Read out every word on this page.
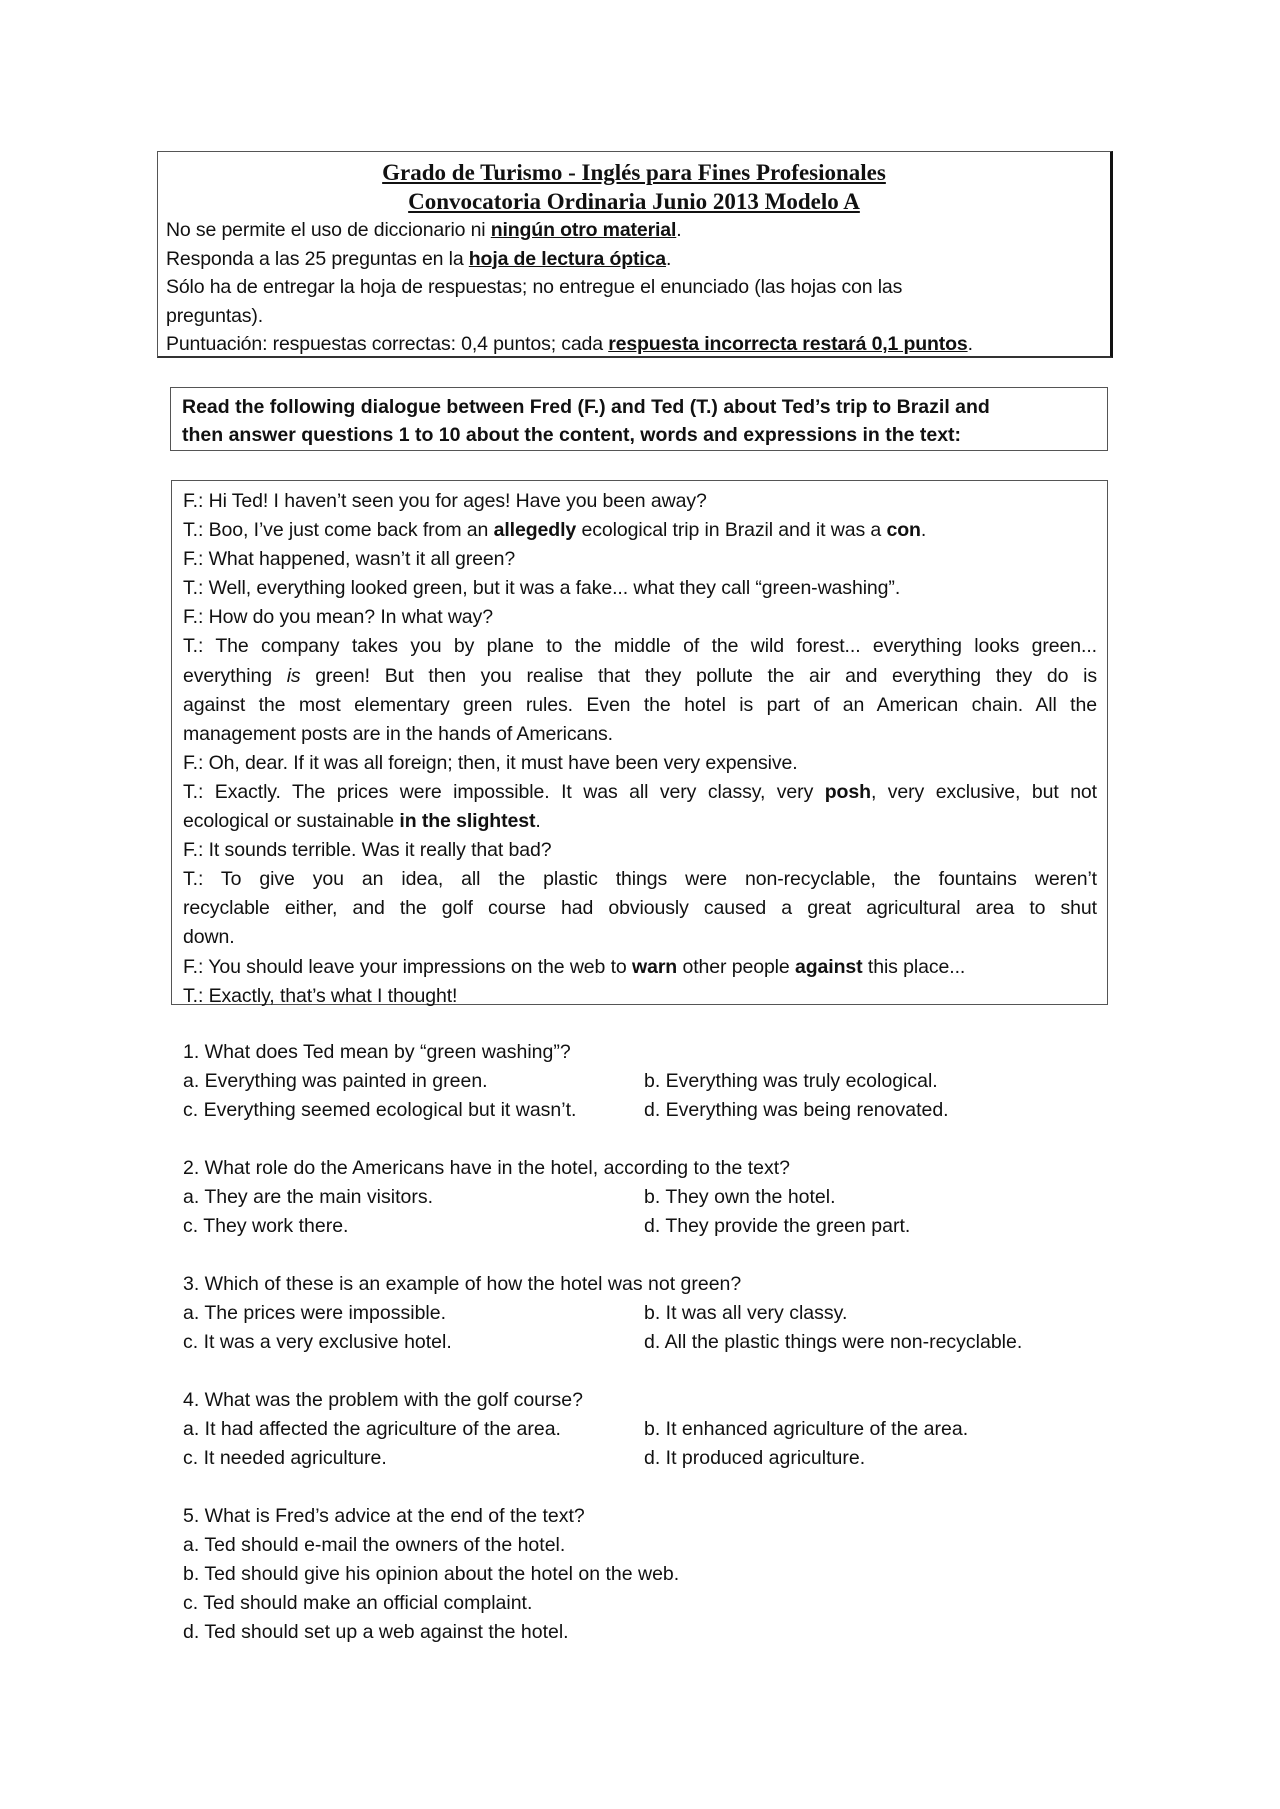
Grado de Turismo - Inglés para Fines Profesionales
Convocatoria Ordinaria Junio 2013 Modelo A
No se permite el uso de diccionario ni ningún otro material.
Responda a las 25 preguntas en la hoja de lectura óptica.
Sólo ha de entregar la hoja de respuestas; no entregue el enunciado (las hojas con las
preguntas).
Puntuación: respuestas correctas: 0,4 puntos; cada respuesta incorrecta restará 0,1 puntos.
Read the following dialogue between Fred (F.) and Ted (T.) about Ted’s trip to Brazil and
then answer questions 1 to 10 about the content, words and expressions in the text:
F.: Hi Ted! I haven’t seen you for ages! Have you been away?
T.: Boo, I’ve just come back from an allegedly ecological trip in Brazil and it was a con.
F.: What happened, wasn’t it all green?
T.: Well, everything looked green, but it was a fake... what they call “green-washing”.
F.: How do you mean? In what way?
T.: The company takes you by plane to the middle of the wild forest... everything looks green...
everything is green! But then you realise that they pollute the air and everything they do is
against the most elementary green rules. Even the hotel is part of an American chain. All the
management posts are in the hands of Americans.
F.: Oh, dear. If it was all foreign; then, it must have been very expensive.
T.: Exactly. The prices were impossible. It was all very classy, very posh, very exclusive, but not
ecological or sustainable in the slightest.
F.: It sounds terrible. Was it really that bad?
T.: To give you an idea, all the plastic things were non-recyclable, the fountains weren’t
recyclable either, and the golf course had obviously caused a great agricultural area to shut
down.
F.: You should leave your impressions on the web to warn other people against this place...
T.: Exactly, that’s what I thought!
1. What does Ted mean by “green washing”?
a. Everything was painted in green.	b. Everything was truly ecological.
c. Everything seemed ecological but it wasn’t.	d. Everything was being renovated.
2. What role do the Americans have in the hotel, according to the text?
a. They are the main visitors.	b. They own the hotel.
c. They work there.	d. They provide the green part.
3. Which of these is an example of how the hotel was not green?
a. The prices were impossible.	b. It was all very classy.
c. It was a very exclusive hotel.	d. All the plastic things were non-recyclable.
4. What was the problem with the golf course?
a. It had affected the agriculture of the area.	b. It enhanced agriculture of the area.
c. It needed agriculture.	d. It produced agriculture.
5. What is Fred’s advice at the end of the text?
a. Ted should e-mail the owners of the hotel.
b. Ted should give his opinion about the hotel on the web.
c. Ted should make an official complaint.
d. Ted should set up a web against the hotel.
